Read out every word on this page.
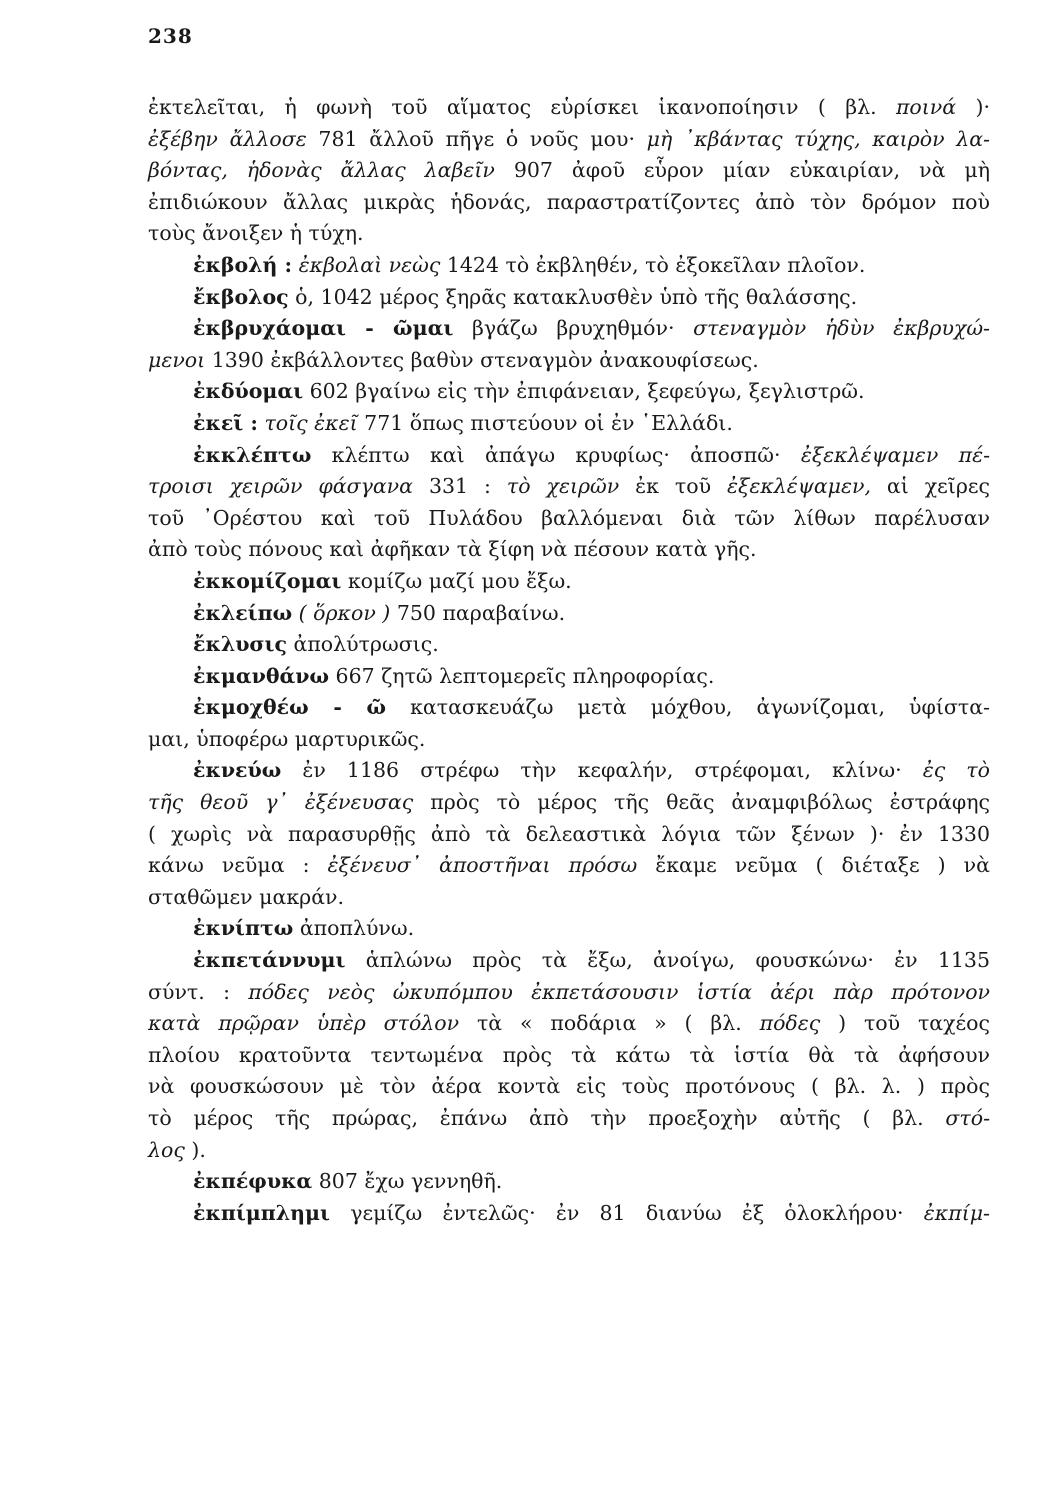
238
ἐκτελεῖται, ἡ φωνὴ τοῦ αἵματος εὑρίσκει ἱκανοποίησιν ( βλ. ποινά )·
ἐξέβην ἄλλοσε 781 ἄλλοῦ πῆγε ὁ νοῦς μου· μὴ ᾿κβάντας τύχης, καιρὸν λα-
βόντας, ἡδονὰς ἄλλας λαβεῖν 907 ἀφοῦ εὗρον μίαν εὐκαιρίαν, νὰ μὴ
ἐπιδιώκουν ἄλλας μικρὰς ἡδονάς, παραστρατίζοντες ἀπὸ τὸν δρόμον ποὺ
τοὺς ἄνοιξεν ἡ τύχη.
ἐκβολή : ἐκβολαὶ νεὼς 1424 τὸ ἐκβληθέν, τὸ ἐξοκεῖλαν πλοῖον.
ἔκβολος ὁ, 1042 μέρος ξηρᾶς κατακλυσθὲν ὑπὸ τῆς θαλάσσης.
ἐκβρυχάομαι - ῶμαι βγάζω βρυχηθμόν· στεναγμὸν ἡδὺν ἐκβρυχώ-
μενοι 1390 ἐκβάλλοντες βαθὺν στεναγμὸν ἀνακουφίσεως.
ἐκδύομαι 602 βγαίνω εἰς τὴν ἐπιφάνειαν, ξεφεύγω, ξεγλιστρῶ.
ἐκεῖ : τοῖς ἐκεῖ 771 ὅπως πιστεύουν οἱ ἐν ῾Ελλάδι.
ἐκκλέπτω κλέπτω καὶ ἀπάγω κρυφίως· ἀποσπῶ· ἐξεκλέψαμεν πέ-
τροισι χειρῶν φάσγανα 331 : τὸ χειρῶν ἐκ τοῦ ἐξεκλέψαμεν, αἱ χεῖρες
τοῦ ᾿Ορέστου καὶ τοῦ Πυλάδου βαλλόμεναι διὰ τῶν λίθων παρέλυσαν
ἀπὸ τοὺς πόνους καὶ ἀφῆκαν τὰ ξίφη νὰ πέσουν κατὰ γῆς.
ἐκκομίζομαι κομίζω μαζί μου ἔξω.
ἐκλείπω ( ὅρκον ) 750 παραβαίνω.
ἔκλυσις ἀπολύτρωσις.
ἐκμανθάνω 667 ζητῶ λεπτομερεῖς πληροφορίας.
ἐκμοχθέω - ῶ κατασκευάζω μετὰ μόχθου, ἀγωνίζομαι, ὑφίστα-
μαι, ὑποφέρω μαρτυρικῶς.
ἐκνεύω ἐν 1186 στρέφω τὴν κεφαλήν, στρέφομαι, κλίνω· ἐς τὸ
τῆς θεοῦ γ᾿ ἐξένευσας πρὸς τὸ μέρος τῆς θεᾶς ἀναμφιβόλως ἐστράφης
( χωρὶς νὰ παρασυρθῇς ἀπὸ τὰ δελεαστικὰ λόγια τῶν ξένων )· ἐν 1330
κάνω νεῦμα : ἐξένευσ᾿ ἀποστῆναι πρόσω ἔκαμε νεῦμα ( διέταξε ) νὰ
σταθῶμεν μακράν.
ἐκνίπτω ἀποπλύνω.
ἐκπετάννυμι ἁπλώνω πρὸς τὰ ἔξω, ἀνοίγω, φουσκώνω· ἐν 1135
σύντ. : πόδες νεὸς ὠκυπόμπου ἐκπετάσουσιν ἱστία ἀέρι πὰρ πρότονον
κατὰ πρῷραν ὑπὲρ στόλον τὰ « ποδάρια » ( βλ. πόδες ) τοῦ ταχέος
πλοίου κρατοῦντα τεντωμένα πρὸς τὰ κάτω τὰ ἱστία θὰ τὰ ἀφήσουν
νὰ φουσκώσουν μὲ τὸν ἀέρα κοντὰ εἰς τοὺς προτόνους ( βλ. λ. ) πρὸς
τὸ μέρος τῆς πρώρας, ἐπάνω ἀπὸ τὴν προεξοχὴν αὐτῆς ( βλ. στό-
λος ).
ἐκπέφυκα 807 ἔχω γεννηθῆ.
ἐκπίμπλημι γεμίζω ἐντελῶς· ἐν 81 διανύω ἐξ ὁλοκλήρου· ἐκπίμ-
